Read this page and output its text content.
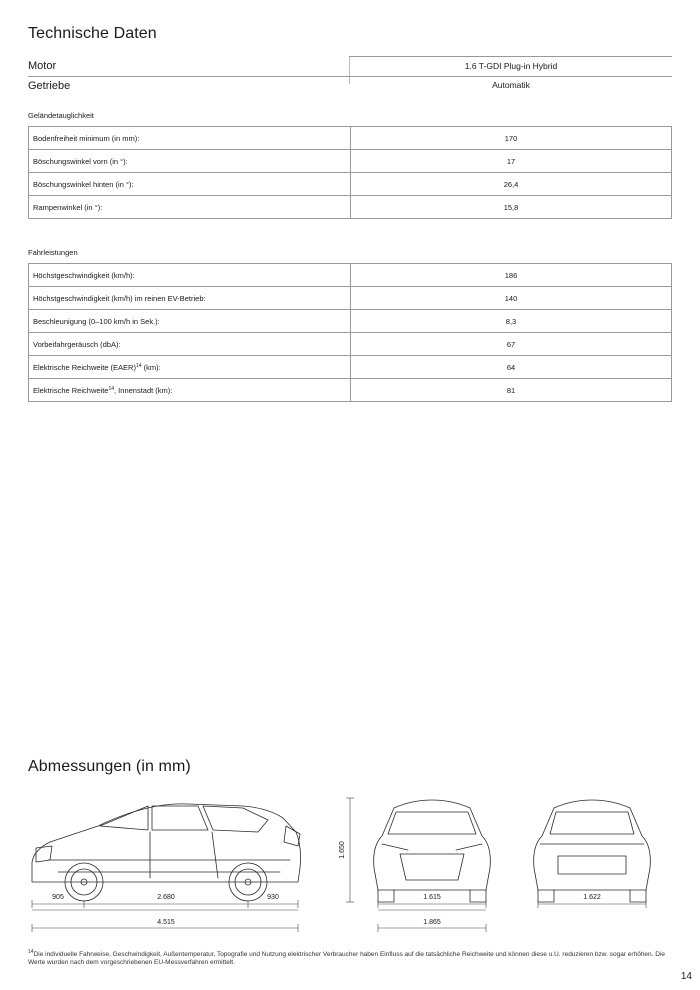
Technische Daten
Motor	1.6 T-GDI Plug-in Hybrid
Getriebe	Automatik
Geländetauglichkeit
Bodenfreiheit minimum (in mm):	170
Böschungswinkel vorn (in °):	17
Böschungswinkel hinten (in °):	26,4
Rampenwinkel (in °):	15,8
Fahrleistungen
Höchstgeschwindigkeit (km/h):	186
Höchstgeschwindigkeit (km/h) im reinen EV-Betrieb:	140
Beschleunigung (0–100 km/h in Sek.):	8,3
Vorbeifahrgeräusch (dbA):	67
Elektrische Reichweite (EAER)$^{14}$ (km):	64
Elektrische Reichweite$^{14}$, Innenstadt (km):	81
Abmessungen (in mm)
905	2.680	930
1.650
1.615	1.622
4.515	1.865
$^{14}$Die individuelle Fahrweise, Geschwindigkeit, Außentemperatur, Topografie und Nutzung elektrischer Verbraucher haben Einfluss auf die tatsächliche Reichweite und können diese u.U. reduzieren bzw. sogar erhöhen. Die Werte wurden nach dem vorgeschriebenen EU-Messverfahren ermittelt.
14
